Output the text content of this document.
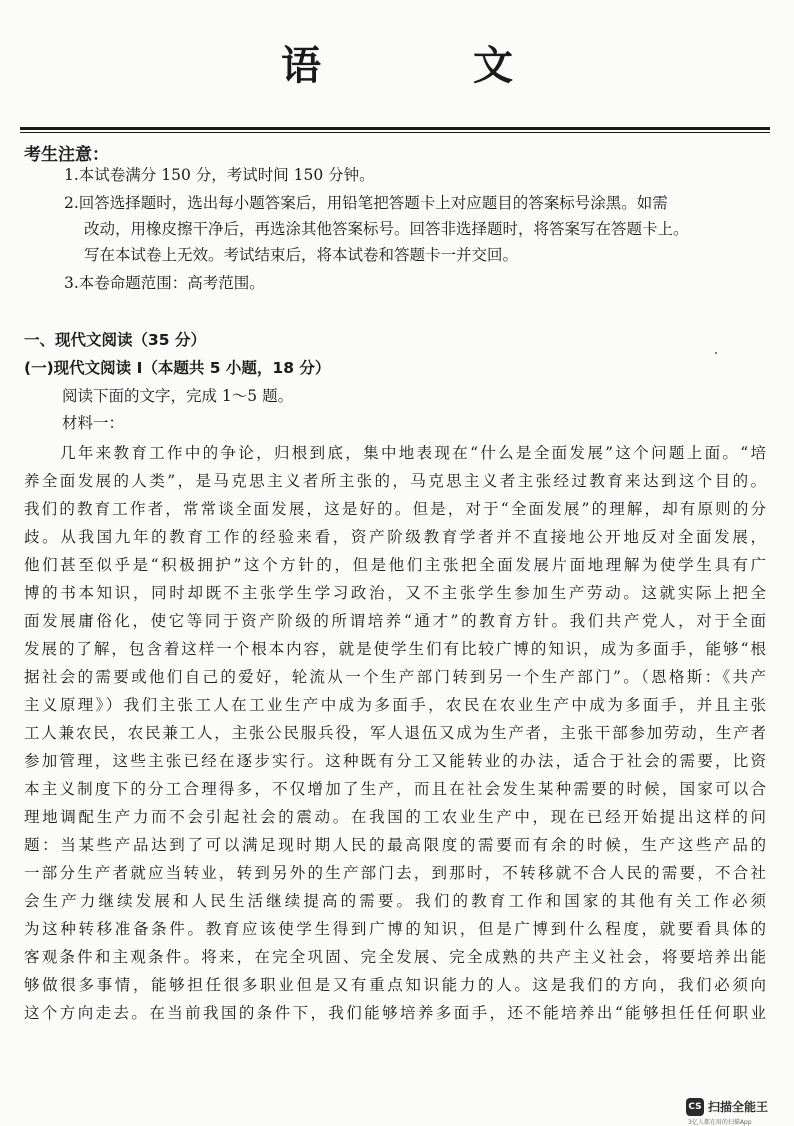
语　文
考生注意：
1.本试卷满分 150 分，考试时间 150 分钟。
2.回答选择题时，选出每小题答案后，用铅笔把答题卡上对应题目的答案标号涂黑。如需
改动，用橡皮擦干净后，再选涂其他答案标号。回答非选择题时，将答案写在答题卡上。
写在本试卷上无效。考试结束后，将本试卷和答题卡一并交回。
3.本卷命题范围：高考范围。
一、现代文阅读（35 分）
(一)现代文阅读 Ⅰ（本题共 5 小题，18 分）
阅读下面的文字，完成 1～5 题。
材料一：
几年来教育工作中的争论，归根到底，集中地表现在“什么是全面发展”这个问题上面。“培
养全面发展的人类”，是马克思主义者所主张的，马克思主义者主张经过教育来达到这个目的。
我们的教育工作者，常常谈全面发展，这是好的。但是，对于“全面发展”的理解，却有原则的分
歧。从我国九年的教育工作的经验来看，资产阶级教育学者并不直接地公开地反对全面发展，
他们甚至似乎是“积极拥护”这个方针的，但是他们主张把全面发展片面地理解为使学生具有广
博的书本知识，同时却既不主张学生学习政治，又不主张学生参加生产劳动。这就实际上把全
面发展庸俗化，使它等同于资产阶级的所谓培养“通才”的教育方针。我们共产党人，对于全面
发展的了解，包含着这样一个根本内容，就是使学生们有比较广博的知识，成为多面手，能够“根
据社会的需要或他们自己的爱好，轮流从一个生产部门转到另一个生产部门”。（恩格斯：《共产
主义原理》）我们主张工人在工业生产中成为多面手，农民在农业生产中成为多面手，并且主张
工人兼农民，农民兼工人，主张公民服兵役，军人退伍又成为生产者，主张干部参加劳动，生产者
参加管理，这些主张已经在逐步实行。这种既有分工又能转业的办法，适合于社会的需要，比资
本主义制度下的分工合理得多，不仅增加了生产，而且在社会发生某种需要的时候，国家可以合
理地调配生产力而不会引起社会的震动。在我国的工农业生产中，现在已经开始提出这样的问
题：当某些产品达到了可以满足现时期人民的最高限度的需要而有余的时候，生产这些产品的
一部分生产者就应当转业，转到另外的生产部门去，到那时，不转移就不合人民的需要，不合社
会生产力继续发展和人民生活继续提高的需要。我们的教育工作和国家的其他有关工作必须
为这种转移准备条件。教育应该使学生得到广博的知识，但是广博到什么程度，就要看具体的
客观条件和主观条件。将来，在完全巩固、完全发展、完全成熟的共产主义社会，将要培养出能
够做很多事情，能够担任很多职业但是又有重点知识能力的人。这是我们的方向，我们必须向
这个方向走去。在当前我国的条件下，我们能够培养多面手，还不能培养出“能够担任任何职业
CS 扫描全能王
3亿人都在用的扫描App
